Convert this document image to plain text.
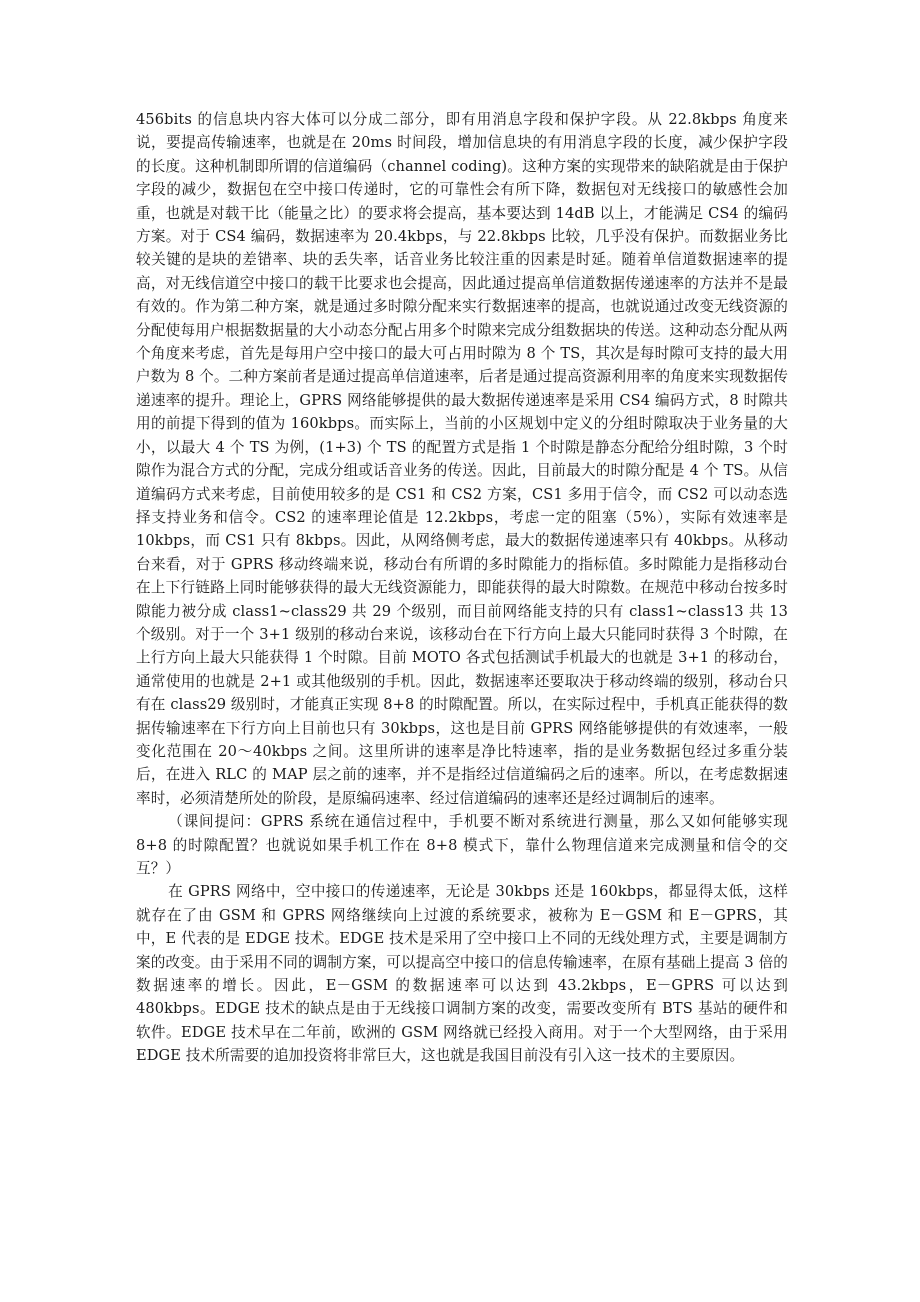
456bits 的信息块内容大体可以分成二部分，即有用消息字段和保护字段。从 22.8kbps 角度来说，要提高传输速率，也就是在 20ms 时间段，增加信息块的有用消息字段的长度，减少保护字段的长度。这种机制即所谓的信道编码（channel coding)。这种方案的实现带来的缺陷就是由于保护字段的减少，数据包在空中接口传递时，它的可靠性会有所下降，数据包对无线接口的敏感性会加重，也就是对载干比（能量之比）的要求将会提高，基本要达到 14dB 以上，才能满足 CS4 的编码方案。对于 CS4 编码，数据速率为 20.4kbps，与 22.8kbps 比较，几乎没有保护。而数据业务比较关键的是块的差错率、块的丢失率，话音业务比较注重的因素是时延。随着单信道数据速率的提高，对无线信道空中接口的载干比要求也会提高，因此通过提高单信道数据传递速率的方法并不是最有效的。作为第二种方案，就是通过多时隙分配来实行数据速率的提高，也就说通过改变无线资源的分配使每用户根据数据量的大小动态分配占用多个时隙来完成分组数据块的传送。这种动态分配从两个角度来考虑，首先是每用户空中接口的最大可占用时隙为 8 个 TS，其次是每时隙可支持的最大用户数为 8 个。二种方案前者是通过提高单信道速率，后者是通过提高资源利用率的角度来实现数据传递速率的提升。理论上，GPRS 网络能够提供的最大数据传递速率是采用 CS4 编码方式，8 时隙共用的前提下得到的值为 160kbps。而实际上，当前的小区规划中定义的分组时隙取决于业务量的大小，以最大 4 个 TS 为例，(1+3) 个 TS 的配置方式是指 1 个时隙是静态分配给分组时隙，3 个时隙作为混合方式的分配，完成分组或话音业务的传送。因此，目前最大的时隙分配是 4 个 TS。从信道编码方式来考虑，目前使用较多的是 CS1 和 CS2 方案，CS1 多用于信令，而 CS2 可以动态选择支持业务和信令。CS2 的速率理论值是 12.2kbps，考虑一定的阻塞（5%），实际有效速率是 10kbps，而 CS1 只有 8kbps。因此，从网络侧考虑，最大的数据传递速率只有 40kbps。从移动台来看，对于 GPRS 移动终端来说，移动台有所谓的多时隙能力的指标值。多时隙能力是指移动台在上下行链路上同时能够获得的最大无线资源能力，即能获得的最大时隙数。在规范中移动台按多时隙能力被分成 class1~class29 共 29 个级别，而目前网络能支持的只有 class1~class13 共 13 个级别。对于一个 3+1 级别的移动台来说，该移动台在下行方向上最大只能同时获得 3 个时隙，在上行方向上最大只能获得 1 个时隙。目前 MOTO 各式包括测试手机最大的也就是 3+1 的移动台，通常使用的也就是 2+1 或其他级别的手机。因此，数据速率还要取决于移动终端的级别，移动台只有在 class29 级别时，才能真正实现 8+8 的时隙配置。所以，在实际过程中，手机真正能获得的数据传输速率在下行方向上目前也只有 30kbps，这也是目前 GPRS 网络能够提供的有效速率，一般变化范围在 20～40kbps 之间。这里所讲的速率是净比特速率，指的是业务数据包经过多重分装后，在进入 RLC 的 MAP 层之前的速率，并不是指经过信道编码之后的速率。所以，在考虑数据速率时，必须清楚所处的阶段，是原编码速率、经过信道编码的速率还是经过调制后的速率。

（课间提问：GPRS 系统在通信过程中，手机要不断对系统进行测量，那么又如何能够实现 8+8 的时隙配置？也就说如果手机工作在 8+8 模式下，靠什么物理信道来完成测量和信令的交互？）

在 GPRS 网络中，空中接口的传递速率，无论是 30kbps 还是 160kbps，都显得太低，这样就存在了由 GSM 和 GPRS 网络继续向上过渡的系统要求，被称为 E－GSM 和 E－GPRS，其中，E 代表的是 EDGE 技术。EDGE 技术是采用了空中接口上不同的无线处理方式，主要是调制方案的改变。由于采用不同的调制方案，可以提高空中接口的信息传输速率，在原有基础上提高 3 倍的数据速率的增长。因此，E－GSM 的数据速率可以达到 43.2kbps，E－GPRS 可以达到 480kbps。EDGE 技术的缺点是由于无线接口调制方案的改变，需要改变所有 BTS 基站的硬件和软件。EDGE 技术早在二年前，欧洲的 GSM 网络就已经投入商用。对于一个大型网络，由于采用 EDGE 技术所需要的追加投资将非常巨大，这也就是我国目前没有引入这一技术的主要原因。
